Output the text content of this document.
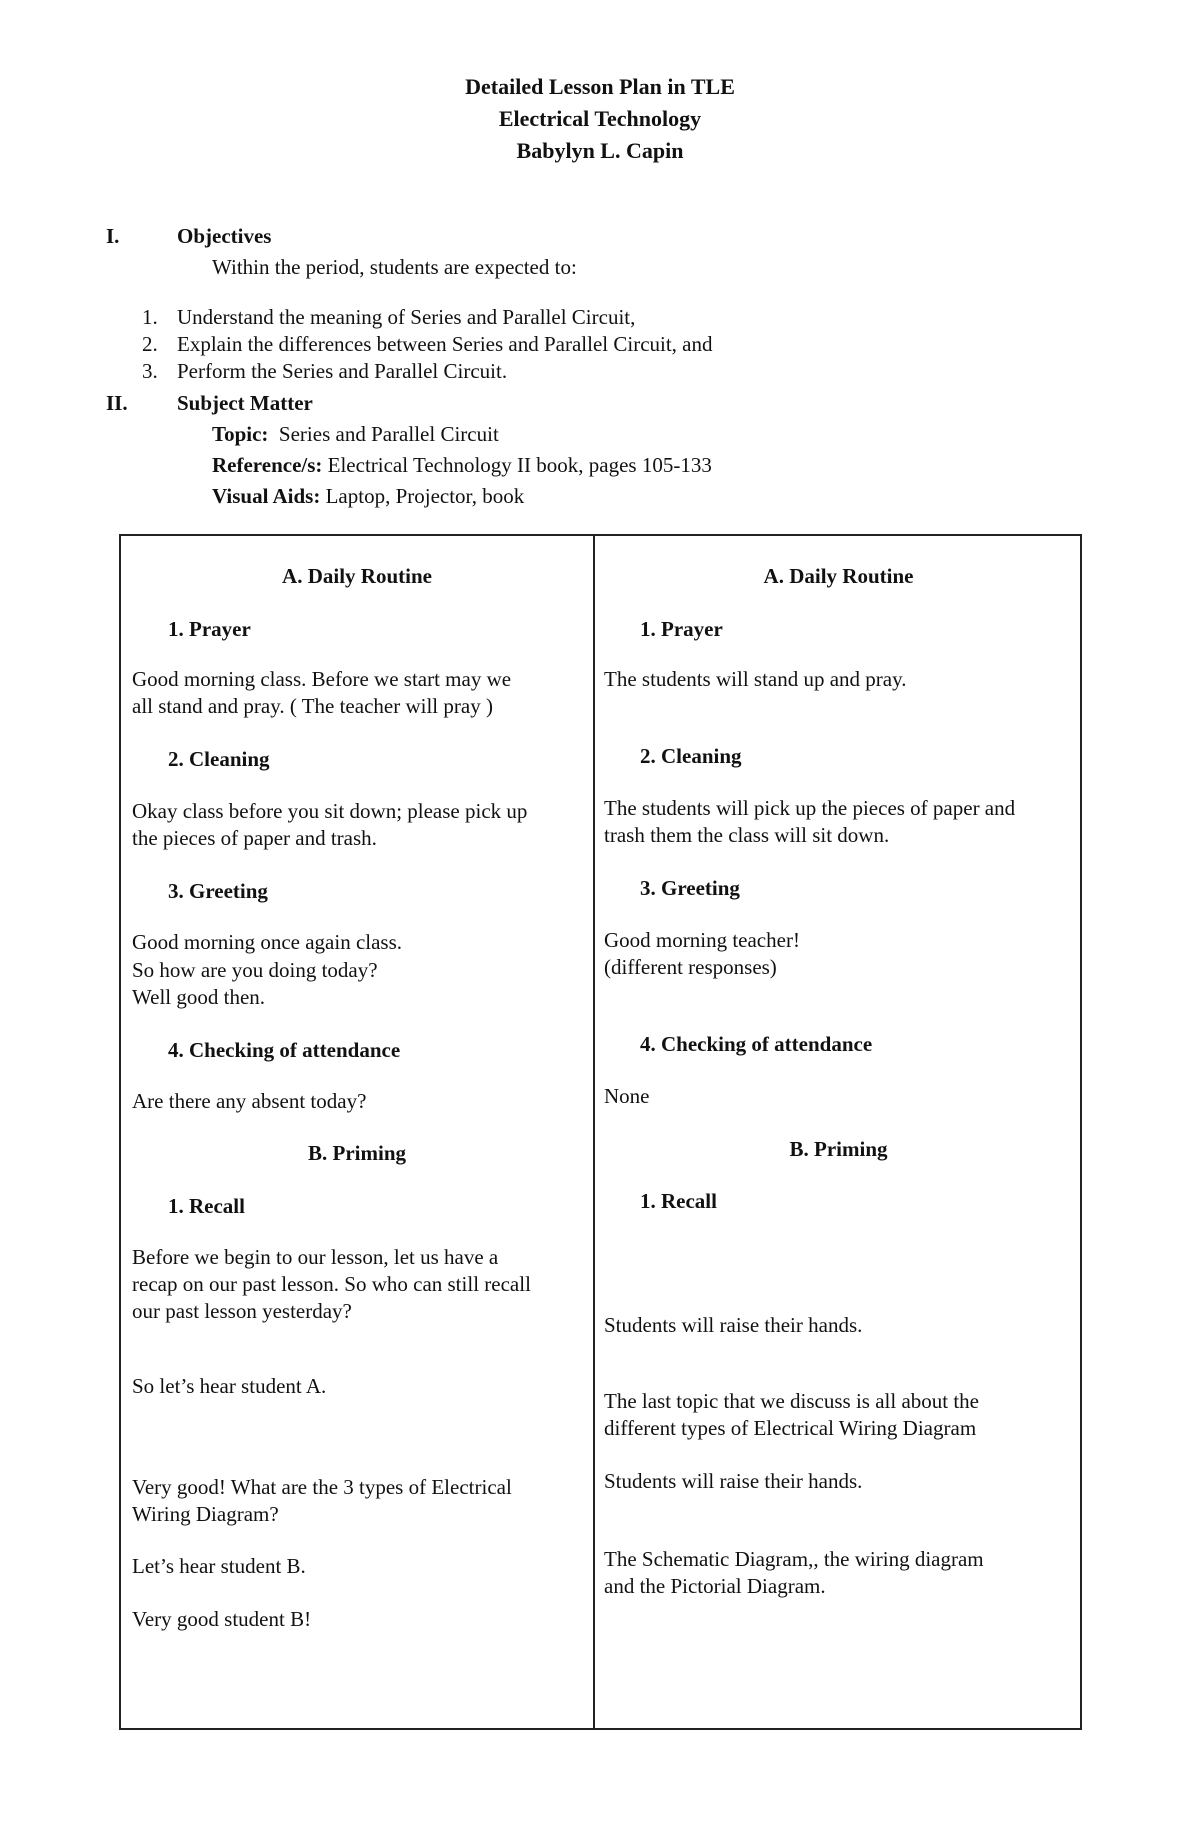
Detailed Lesson Plan in TLE
Electrical Technology
Babylyn L. Capin
I.	Objectives
Within the period, students are expected to:
1. Understand the meaning of Series and Parallel Circuit,
2. Explain the differences between Series and Parallel Circuit, and
3. Perform the Series and Parallel Circuit.
II. Subject Matter
Topic: Series and Parallel Circuit
Reference/s: Electrical Technology II book, pages 105-133
Visual Aids: Laptop, Projector, book
A. Daily Routine
1. Prayer
Good morning class. Before we start may we
all stand and pray. ( The teacher will pray )
2. Cleaning
Okay class before you sit down; please pick up
the pieces of paper and trash.
3. Greeting
Good morning once again class.
So how are you doing today?
Well good then.
4. Checking of attendance
Are there any absent today?
B. Priming
1. Recall
Before we begin to our lesson, let us have a
recap on our past lesson. So who can still recall
our past lesson yesterday?
So let’s hear student A.
Very good! What are the 3 types of Electrical
Wiring Diagram?
Let’s hear student B.
Very good student B!
A. Daily Routine
1. Prayer
The students will stand up and pray.
2. Cleaning
The students will pick up the pieces of paper and
trash them the class will sit down.
3. Greeting
Good morning teacher!
(different responses)
4. Checking of attendance
None
B. Priming
1. Recall
Students will raise their hands.
The last topic that we discuss is all about the
different types of Electrical Wiring Diagram
Students will raise their hands.
The Schematic Diagram,, the wiring diagram
and the Pictorial Diagram.
